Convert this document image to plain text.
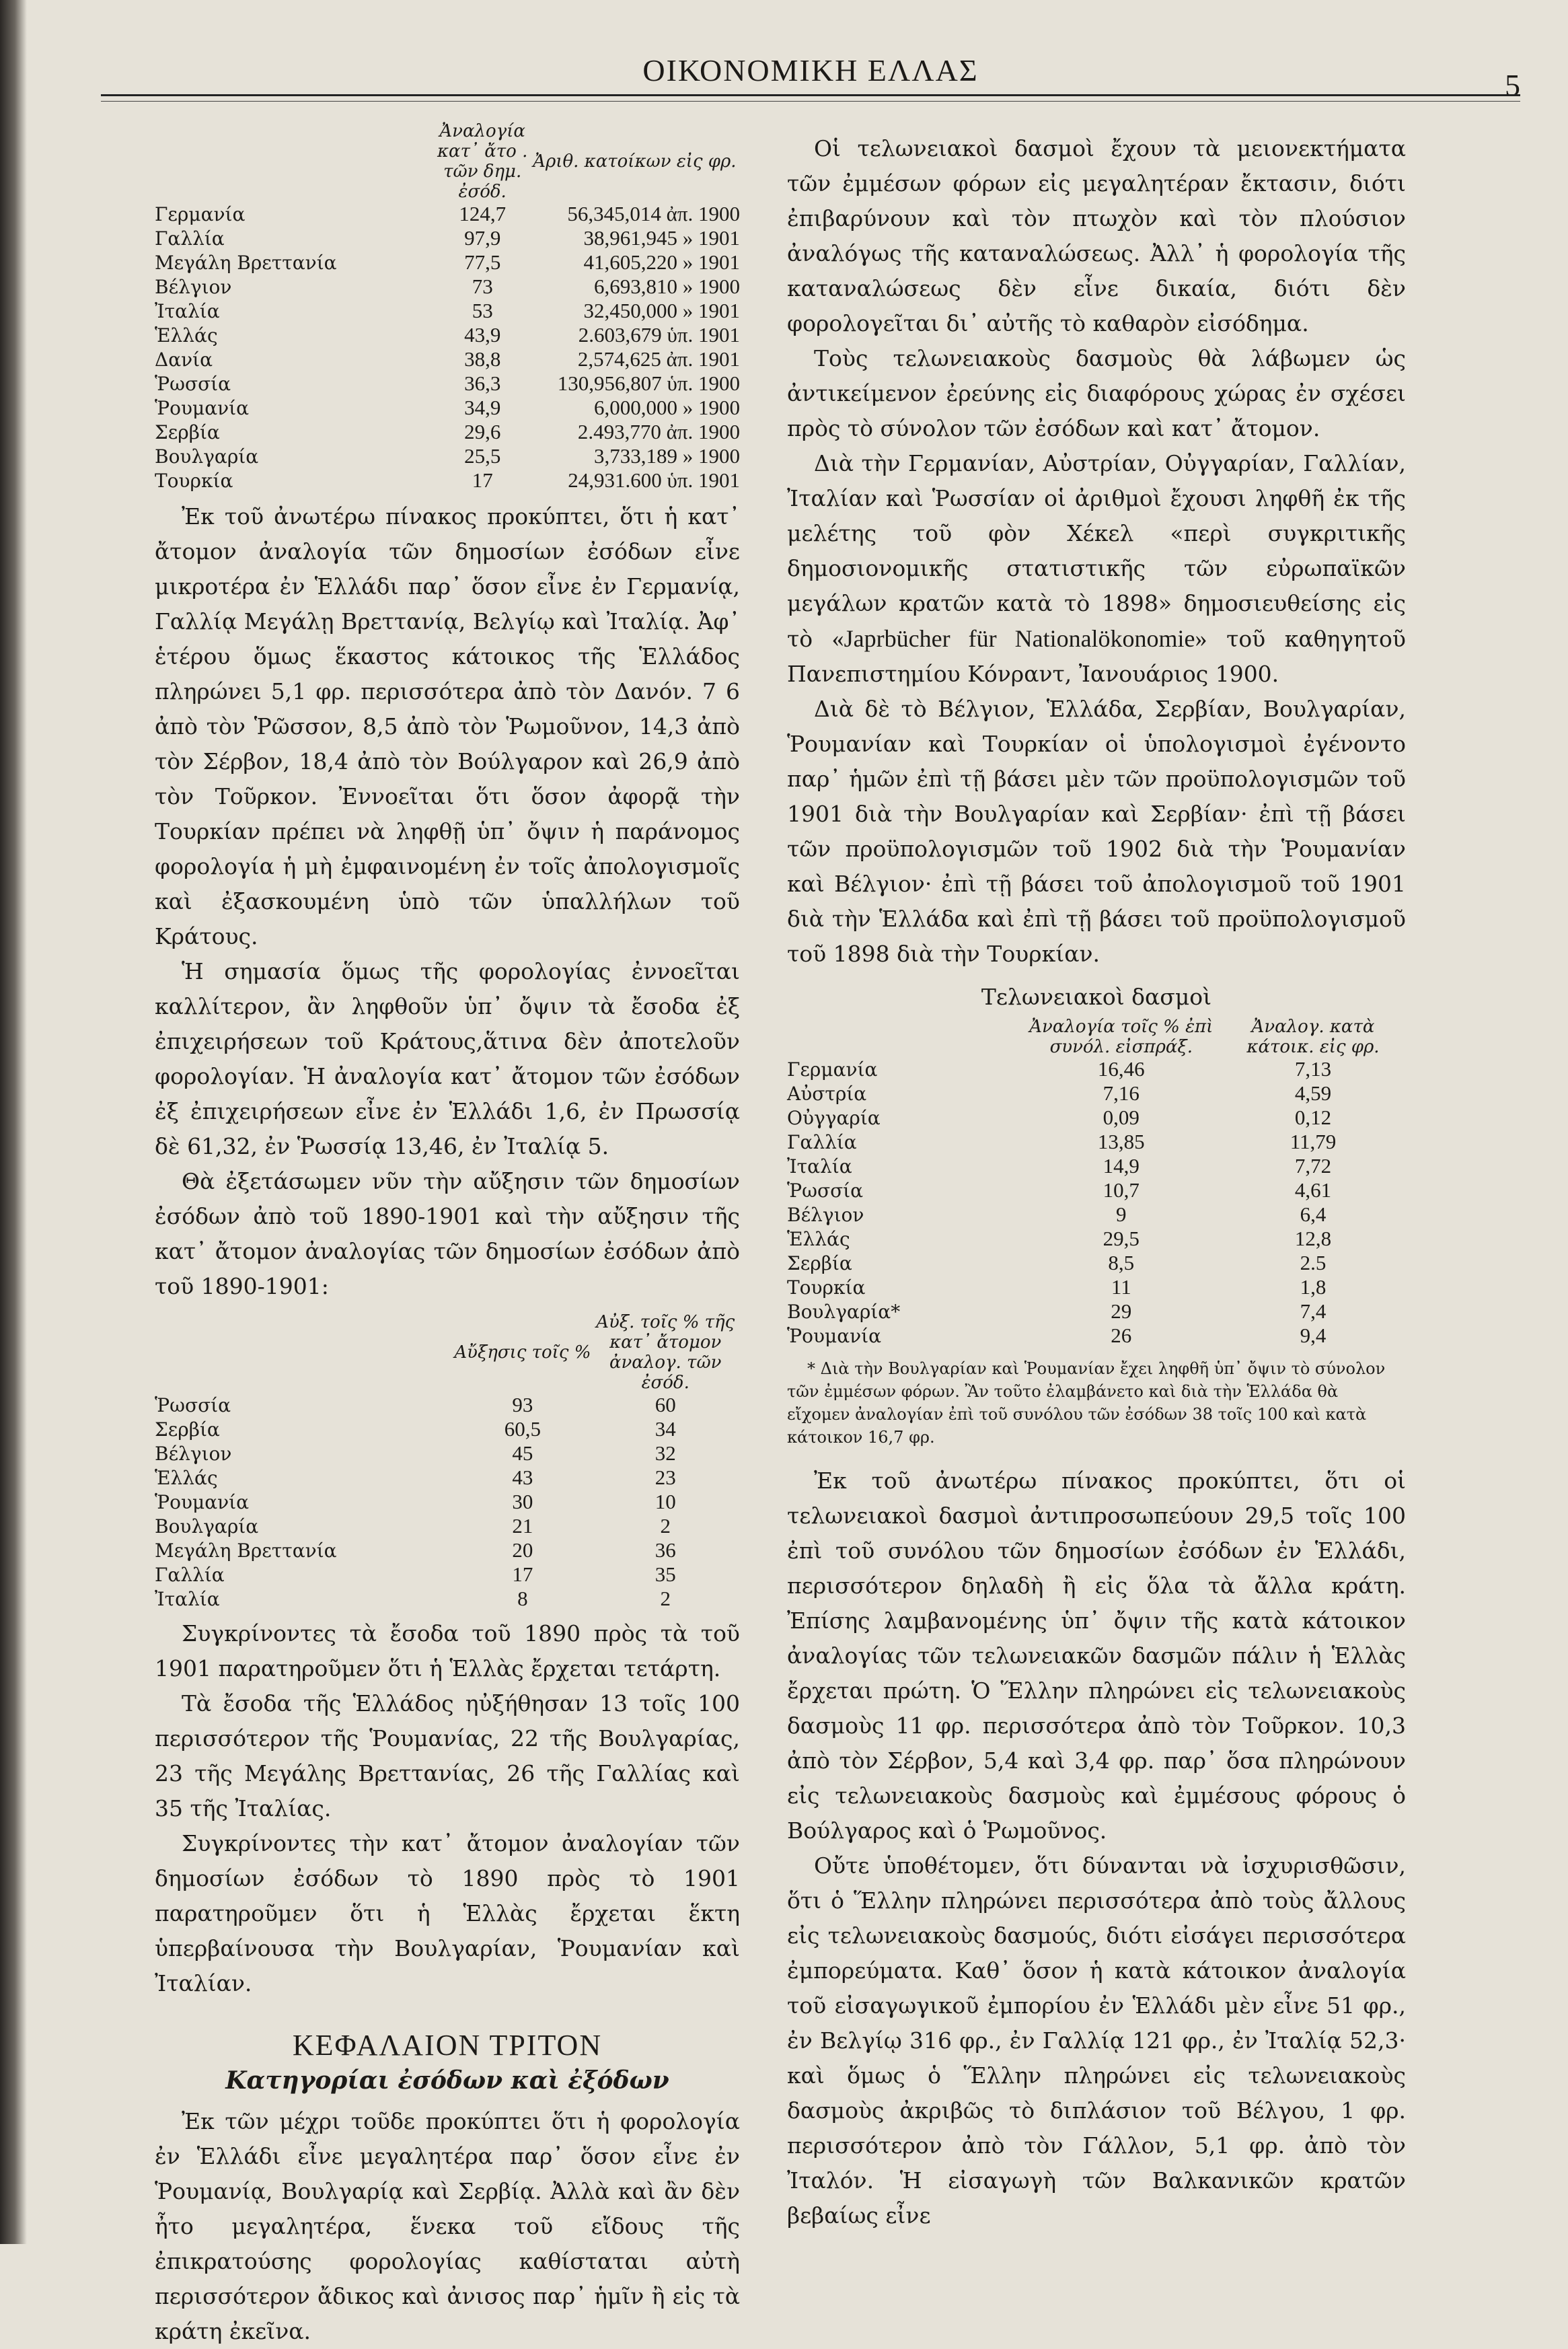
ΟΙΚΟΝΟΜΙΚΗ ΕΛΛΑΣ	5
	Ἀναλογία κατ᾿ ἄτο . τῶν δημ. ἐσόδ.	Ἀριθ. κατοίκων εἰς φρ.
Γερμανία	124,7	56,345,014 ἀπ. 1900
Γαλλία	97,9	38,961,945 » 1901
Μεγάλη Βρεττανία	77,5	41,605,220 » 1901
Βέλγιον	73	6,693,810 » 1900
Ἰταλία	53	32,450,000 » 1901
Ἑλλάς	43,9	2.603,679 ὑπ. 1901
Δανία	38,8	2,574,625 ἀπ. 1901
Ῥωσσία	36,3	130,956,807 ὑπ. 1900
Ῥουμανία	34,9	6,000,000 » 1900
Σερβία	29,6	2.493,770 ἀπ. 1900
Βουλγαρία	25,5	3,733,189 » 1900
Τουρκία	17	24,931.600 ὑπ. 1901

Ἐκ τοῦ ἀνωτέρω πίνακος προκύπτει, ὅτι ἡ κατ᾿ ἄτομον ἀναλογία τῶν δημοσίων ἐσόδων εἶνε μικροτέρα ἐν Ἑλλάδι παρ᾿ ὅσον εἶνε ἐν Γερμανίᾳ, Γαλλίᾳ Μεγάλῃ Βρεττανίᾳ, Βελγίῳ καὶ Ἰταλίᾳ. Ἀφ᾿ ἑτέρου ὅμως ἕκαστος κάτοικος τῆς Ἑλλάδος πληρώνει 5,1 φρ. περισσότερα ἀπὸ τὸν Δανόν. 7 6 ἀπὸ τὸν Ῥῶσσον, 8,5 ἀπὸ τὸν Ῥωμοῦνον, 14,3 ἀπὸ τὸν Σέρβον, 18,4 ἀπὸ τὸν Βούλγαρον καὶ 26,9 ἀπὸ τὸν Τοῦρκον. Ἐννοεῖται ὅτι ὅσον ἀφορᾷ τὴν Τουρκίαν πρέπει νὰ ληφθῇ ὑπ᾿ ὄψιν ἡ παράνομος φορολογία ἡ μὴ ἐμφαινομένη ἐν τοῖς ἀπολογισμοῖς καὶ ἐξασκουμένη ὑπὸ τῶν ὑπαλλήλων τοῦ Κράτους.

Ἡ σημασία ὅμως τῆς φορολογίας ἐννοεῖται καλλίτερον, ἂν ληφθοῦν ὑπ᾿ ὄψιν τὰ ἔσοδα ἐξ ἐπιχειρήσεων τοῦ Κράτους,ἅτινα δὲν ἀποτελοῦν φορολογίαν. Ἡ ἀναλογία κατ᾿ ἄτομον τῶν ἐσόδων ἐξ ἐπιχειρήσεων εἶνε ἐν Ἑλλάδι 1,6, ἐν Πρωσσίᾳ δὲ 61,32, ἐν Ῥωσσίᾳ 13,46, ἐν Ἰταλίᾳ 5.

Θὰ ἐξετάσωμεν νῦν τὴν αὔξησιν τῶν δημοσίων ἐσόδων ἀπὸ τοῦ 1890-1901 καὶ τὴν αὔξησιν τῆς κατ᾿ ἄτομον ἀναλογίας τῶν δημοσίων ἐσόδων ἀπὸ τοῦ 1890-1901:

	Αὔξησις τοῖς %	Αὐξ. τοῖς % τῆς κατ᾿ ἄτομον ἀναλογ. τῶν ἐσόδ.
Ῥωσσία	93	60
Σερβία	60,5	34
Βέλγιον	45	32
Ἑλλάς	43	23
Ῥουμανία	30	10
Βουλγαρία	21	2
Μεγάλη Βρεττανία	20	36
Γαλλία	17	35
Ἰταλία	8	2

Συγκρίνοντες τὰ ἔσοδα τοῦ 1890 πρὸς τὰ τοῦ 1901 παρατηροῦμεν ὅτι ἡ Ἑλλὰς ἔρχεται τετάρτη.

Τὰ ἔσοδα τῆς Ἑλλάδος ηὐξήθησαν 13 τοῖς 100 περισσότερον τῆς Ῥουμανίας, 22 τῆς Βουλγαρίας, 23 τῆς Μεγάλης Βρεττανίας, 26 τῆς Γαλλίας καὶ 35 τῆς Ἰταλίας.

Συγκρίνοντες τὴν κατ᾿ ἄτομον ἀναλογίαν τῶν δημοσίων ἐσόδων τὸ 1890 πρὸς τὸ 1901 παρατηροῦμεν ὅτι ἡ Ἑλλὰς ἔρχεται ἕκτη ὑπερβαίνουσα τὴν Βουλγαρίαν, Ῥουμανίαν καὶ Ἰταλίαν.

ΚΕΦΑΛΑΙΟΝ ΤΡΙΤΟΝ
Κατηγορίαι ἐσόδων καὶ ἐξόδων

Ἐκ τῶν μέχρι τοῦδε προκύπτει ὅτι ἡ φορολογία ἐν Ἑλλάδι εἶνε μεγαλητέρα παρ᾿ ὅσον εἶνε ἐν Ῥουμανίᾳ, Βουλγαρίᾳ καὶ Σερβίᾳ. Ἀλλὰ καὶ ἂν δὲν ἦτο μεγαλητέρα, ἕνεκα τοῦ εἴδους τῆς ἐπικρατούσης φορολογίας καθίσταται αὐτὴ περισσότερον ἄδικος καὶ ἀνισος παρ᾿ ἡμῖν ἢ εἰς τὰ κράτη ἐκεῖνα.

Οἱ τελωνειακοὶ δασμοὶ ἔχουν τὰ μειονεκτήματα τῶν ἐμμέσων φόρων εἰς μεγαλητέραν ἔκτασιν, διότι ἐπιβαρύνουν καὶ τὸν πτωχὸν καὶ τὸν πλούσιον ἀναλόγως τῆς καταναλώσεως. Ἀλλ᾿ ἡ φορολογία τῆς καταναλώσεως δὲν εἶνε δικαία, διότι δὲν φορολογεῖται δι᾿ αὐτῆς τὸ καθαρὸν εἰσόδημα.

Τοὺς τελωνειακοὺς δασμοὺς θὰ λάβωμεν ὡς ἀντικείμενον ἐρεύνης εἰς διαφόρους χώρας ἐν σχέσει πρὸς τὸ σύνολον τῶν ἐσόδων καὶ κατ᾿ ἄτομον.

Διὰ τὴν Γερμανίαν, Αὐστρίαν, Οὐγγαρίαν, Γαλλίαν, Ἰταλίαν καὶ Ῥωσσίαν οἱ ἀριθμοὶ ἔχουσι ληφθῆ ἐκ τῆς μελέτης τοῦ φὸν Χέκελ «περὶ συγκριτικῆς δημοσιονομικῆς στατιστικῆς τῶν εὐρωπαϊκῶν μεγάλων κρατῶν κατὰ τὸ 1898» δημοσιευθείσης εἰς τὸ «Japrbücher für Nationalökonomie» τοῦ καθηγητοῦ Πανεπιστημίου Κόνραντ, Ἰανουάριος 1900.

Διὰ δὲ τὸ Βέλγιον, Ἑλλάδα, Σερβίαν, Βουλγαρίαν, Ῥουμανίαν καὶ Τουρκίαν οἱ ὑπολογισμοὶ ἐγένοντο παρ᾿ ἡμῶν ἐπὶ τῇ βάσει μὲν τῶν προϋπολογισμῶν τοῦ 1901 διὰ τὴν Βουλγαρίαν καὶ Σερβίαν· ἐπὶ τῇ βάσει τῶν προϋπολογισμῶν τοῦ 1902 διὰ τὴν Ῥουμανίαν καὶ Βέλγιον· ἐπὶ τῇ βάσει τοῦ ἀπολογισμοῦ τοῦ 1901 διὰ τὴν Ἑλλάδα καὶ ἐπὶ τῇ βάσει τοῦ προϋπολογισμοῦ τοῦ 1898 διὰ τὴν Τουρκίαν.

Τελωνειακοὶ δασμοὶ
	Ἀναλογία τοῖς % ἐπὶ συνόλ. εἰσπράξ.	Ἀναλογ. κατὰ κάτοικ. εἰς φρ.
Γερμανία	16,46	7,13
Αὐστρία	7,16	4,59
Οὐγγαρία	0,09	0,12
Γαλλία	13,85	11,79
Ἰταλία	14,9	7,72
Ῥωσσία	10,7	4,61
Βέλγιον	9	6,4
Ἑλλάς	29,5	12,8
Σερβία	8,5	2.5
Τουρκία	11	1,8
Βουλγαρία*	29	7,4
Ῥουμανία	26	9,4

* Διὰ τὴν Βουλγαρίαν καὶ Ῥουμανίαν ἔχει ληφθῆ ὑπ᾿ ὄψιν τὸ σύνολον τῶν ἐμμέσων φόρων. Ἂν τοῦτο ἐλαμβάνετο καὶ διὰ τὴν Ἑλλάδα θὰ εἴχομεν ἀναλογίαν ἐπὶ τοῦ συνόλου τῶν ἐσόδων 38 τοῖς 100 καὶ κατὰ κάτοικον 16,7 φρ.

Ἐκ τοῦ ἀνωτέρω πίνακος προκύπτει, ὅτι οἱ τελωνειακοὶ δασμοὶ ἀντιπροσωπεύουν 29,5 τοῖς 100 ἐπὶ τοῦ συνόλου τῶν δημοσίων ἐσόδων ἐν Ἑλλάδι, περισσότερον δηλαδὴ ἢ εἰς ὅλα τὰ ἄλλα κράτη. Ἐπίσης λαμβανομένης ὑπ᾿ ὄψιν τῆς κατὰ κάτοικον ἀναλογίας τῶν τελωνειακῶν δασμῶν πάλιν ἡ Ἑλλὰς ἔρχεται πρώτη. Ὁ Ἕλλην πληρώνει εἰς τελωνειακοὺς δασμοὺς 11 φρ. περισσότερα ἀπὸ τὸν Τοῦρκον. 10,3 ἀπὸ τὸν Σέρβον, 5,4 καὶ 3,4 φρ. παρ᾿ ὅσα πληρώνουν εἰς τελωνειακοὺς δασμοὺς καὶ ἐμμέσους φόρους ὁ Βούλγαρος καὶ ὁ Ῥωμοῦνος.

Οὔτε ὑποθέτομεν, ὅτι δύνανται νὰ ἰσχυρισθῶσιν, ὅτι ὁ Ἕλλην πληρώνει περισσότερα ἀπὸ τοὺς ἄλλους εἰς τελωνειακοὺς δασμούς, διότι εἰσάγει περισσότερα ἐμπορεύματα. Καθ᾿ ὅσον ἡ κατὰ κάτοικον ἀναλογία τοῦ εἰσαγωγικοῦ ἐμπορίου ἐν Ἑλλάδι μὲν εἶνε 51 φρ., ἐν Βελγίῳ 316 φρ., ἐν Γαλλίᾳ 121 φρ., ἐν Ἰταλίᾳ 52,3· καὶ ὅμως ὁ Ἕλλην πληρώνει εἰς τελωνειακοὺς δασμοὺς ἀκριβῶς τὸ διπλάσιον τοῦ Βέλγου, 1 φρ. περισσότερον ἀπὸ τὸν Γάλλον, 5,1 φρ. ἀπὸ τὸν Ἰταλόν. Ἡ εἰσαγωγὴ τῶν Βαλκανικῶν κρατῶν βεβαίως εἶνε
